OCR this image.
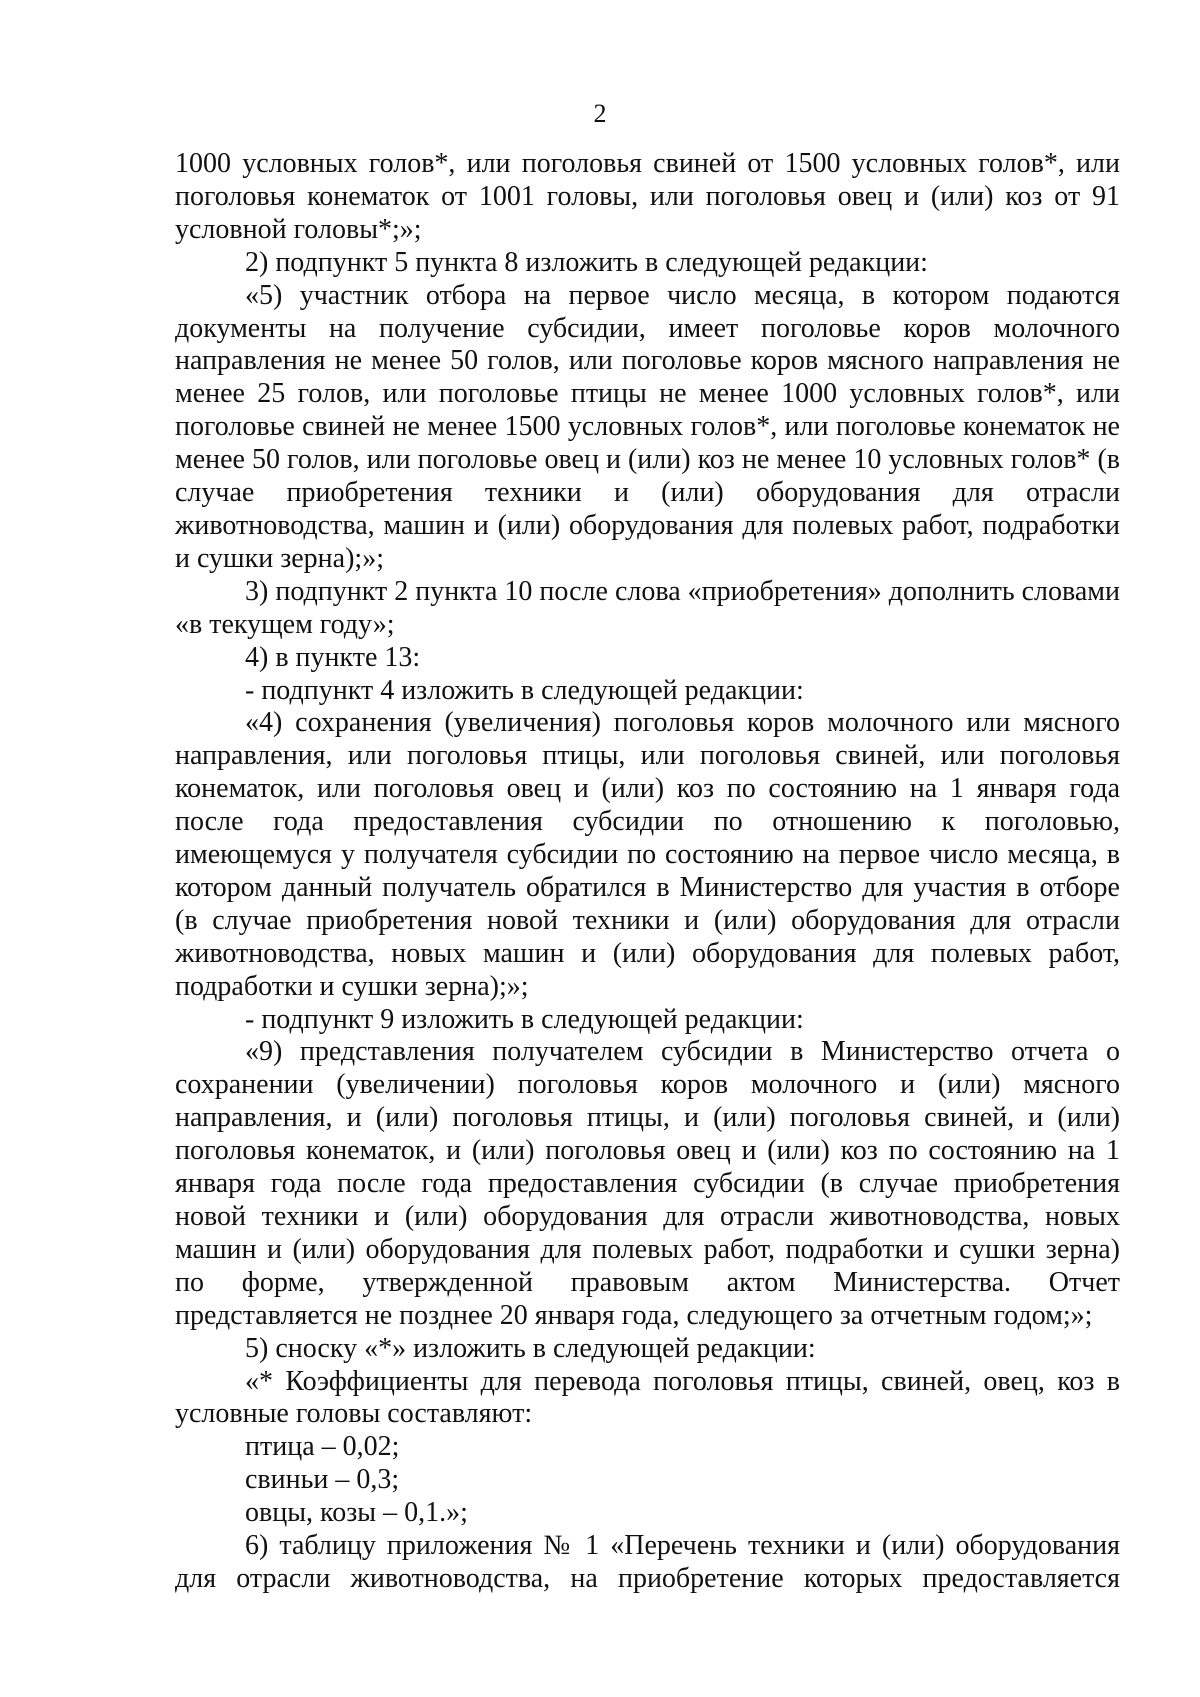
2

1000 условных голов*, или поголовья свиней от 1500 условных голов*, или поголовья конематок от 1001 головы, или поголовья овец и (или) коз от 91 условной головы*;»;

2) подпункт 5 пункта 8 изложить в следующей редакции:

«5) участник отбора на первое число месяца, в котором подаются документы на получение субсидии, имеет поголовье коров молочного направления не менее 50 голов, или поголовье коров мясного направления не менее 25 голов, или поголовье птицы не менее 1000 условных голов*, или поголовье свиней не менее 1500 условных голов*, или поголовье конематок не менее 50 голов, или поголовье овец и (или) коз не менее 10 условных голов* (в случае приобретения техники и (или) оборудования для отрасли животноводства, машин и (или) оборудования для полевых работ, подработки и сушки зерна);»;

3) подпункт 2 пункта 10 после слова «приобретения» дополнить словами «в текущем году»;

4) в пункте 13:

- подпункт 4 изложить в следующей редакции:

«4) сохранения (увеличения) поголовья коров молочного или мясного направления, или поголовья птицы, или поголовья свиней, или поголовья конематок, или поголовья овец и (или) коз по состоянию на 1 января года после года предоставления субсидии по отношению к поголовью, имеющемуся у получателя субсидии по состоянию на первое число месяца, в котором данный получатель обратился в Министерство для участия в отборе (в случае приобретения новой техники и (или) оборудования для отрасли животноводства, новых машин и (или) оборудования для полевых работ, подработки и сушки зерна);»;

- подпункт 9 изложить в следующей редакции:

«9) представления получателем субсидии в Министерство отчета о сохранении (увеличении) поголовья коров молочного и (или) мясного направления, и (или) поголовья птицы, и (или) поголовья свиней, и (или) поголовья конематок, и (или) поголовья овец и (или) коз по состоянию на 1 января года после года предоставления субсидии (в случае приобретения новой техники и (или) оборудования для отрасли животноводства, новых машин и (или) оборудования для полевых работ, подработки и сушки зерна) по форме, утвержденной правовым актом Министерства. Отчет представляется не позднее 20 января года, следующего за отчетным годом;»;

5) сноску «*» изложить в следующей редакции:

«* Коэффициенты для перевода поголовья птицы, свиней, овец, коз в условные головы составляют:

птица – 0,02;

свиньи – 0,3;

овцы, козы – 0,1.»;

6) таблицу приложения № 1 «Перечень техники и (или) оборудования для отрасли животноводства, на приобретение которых предоставляется
